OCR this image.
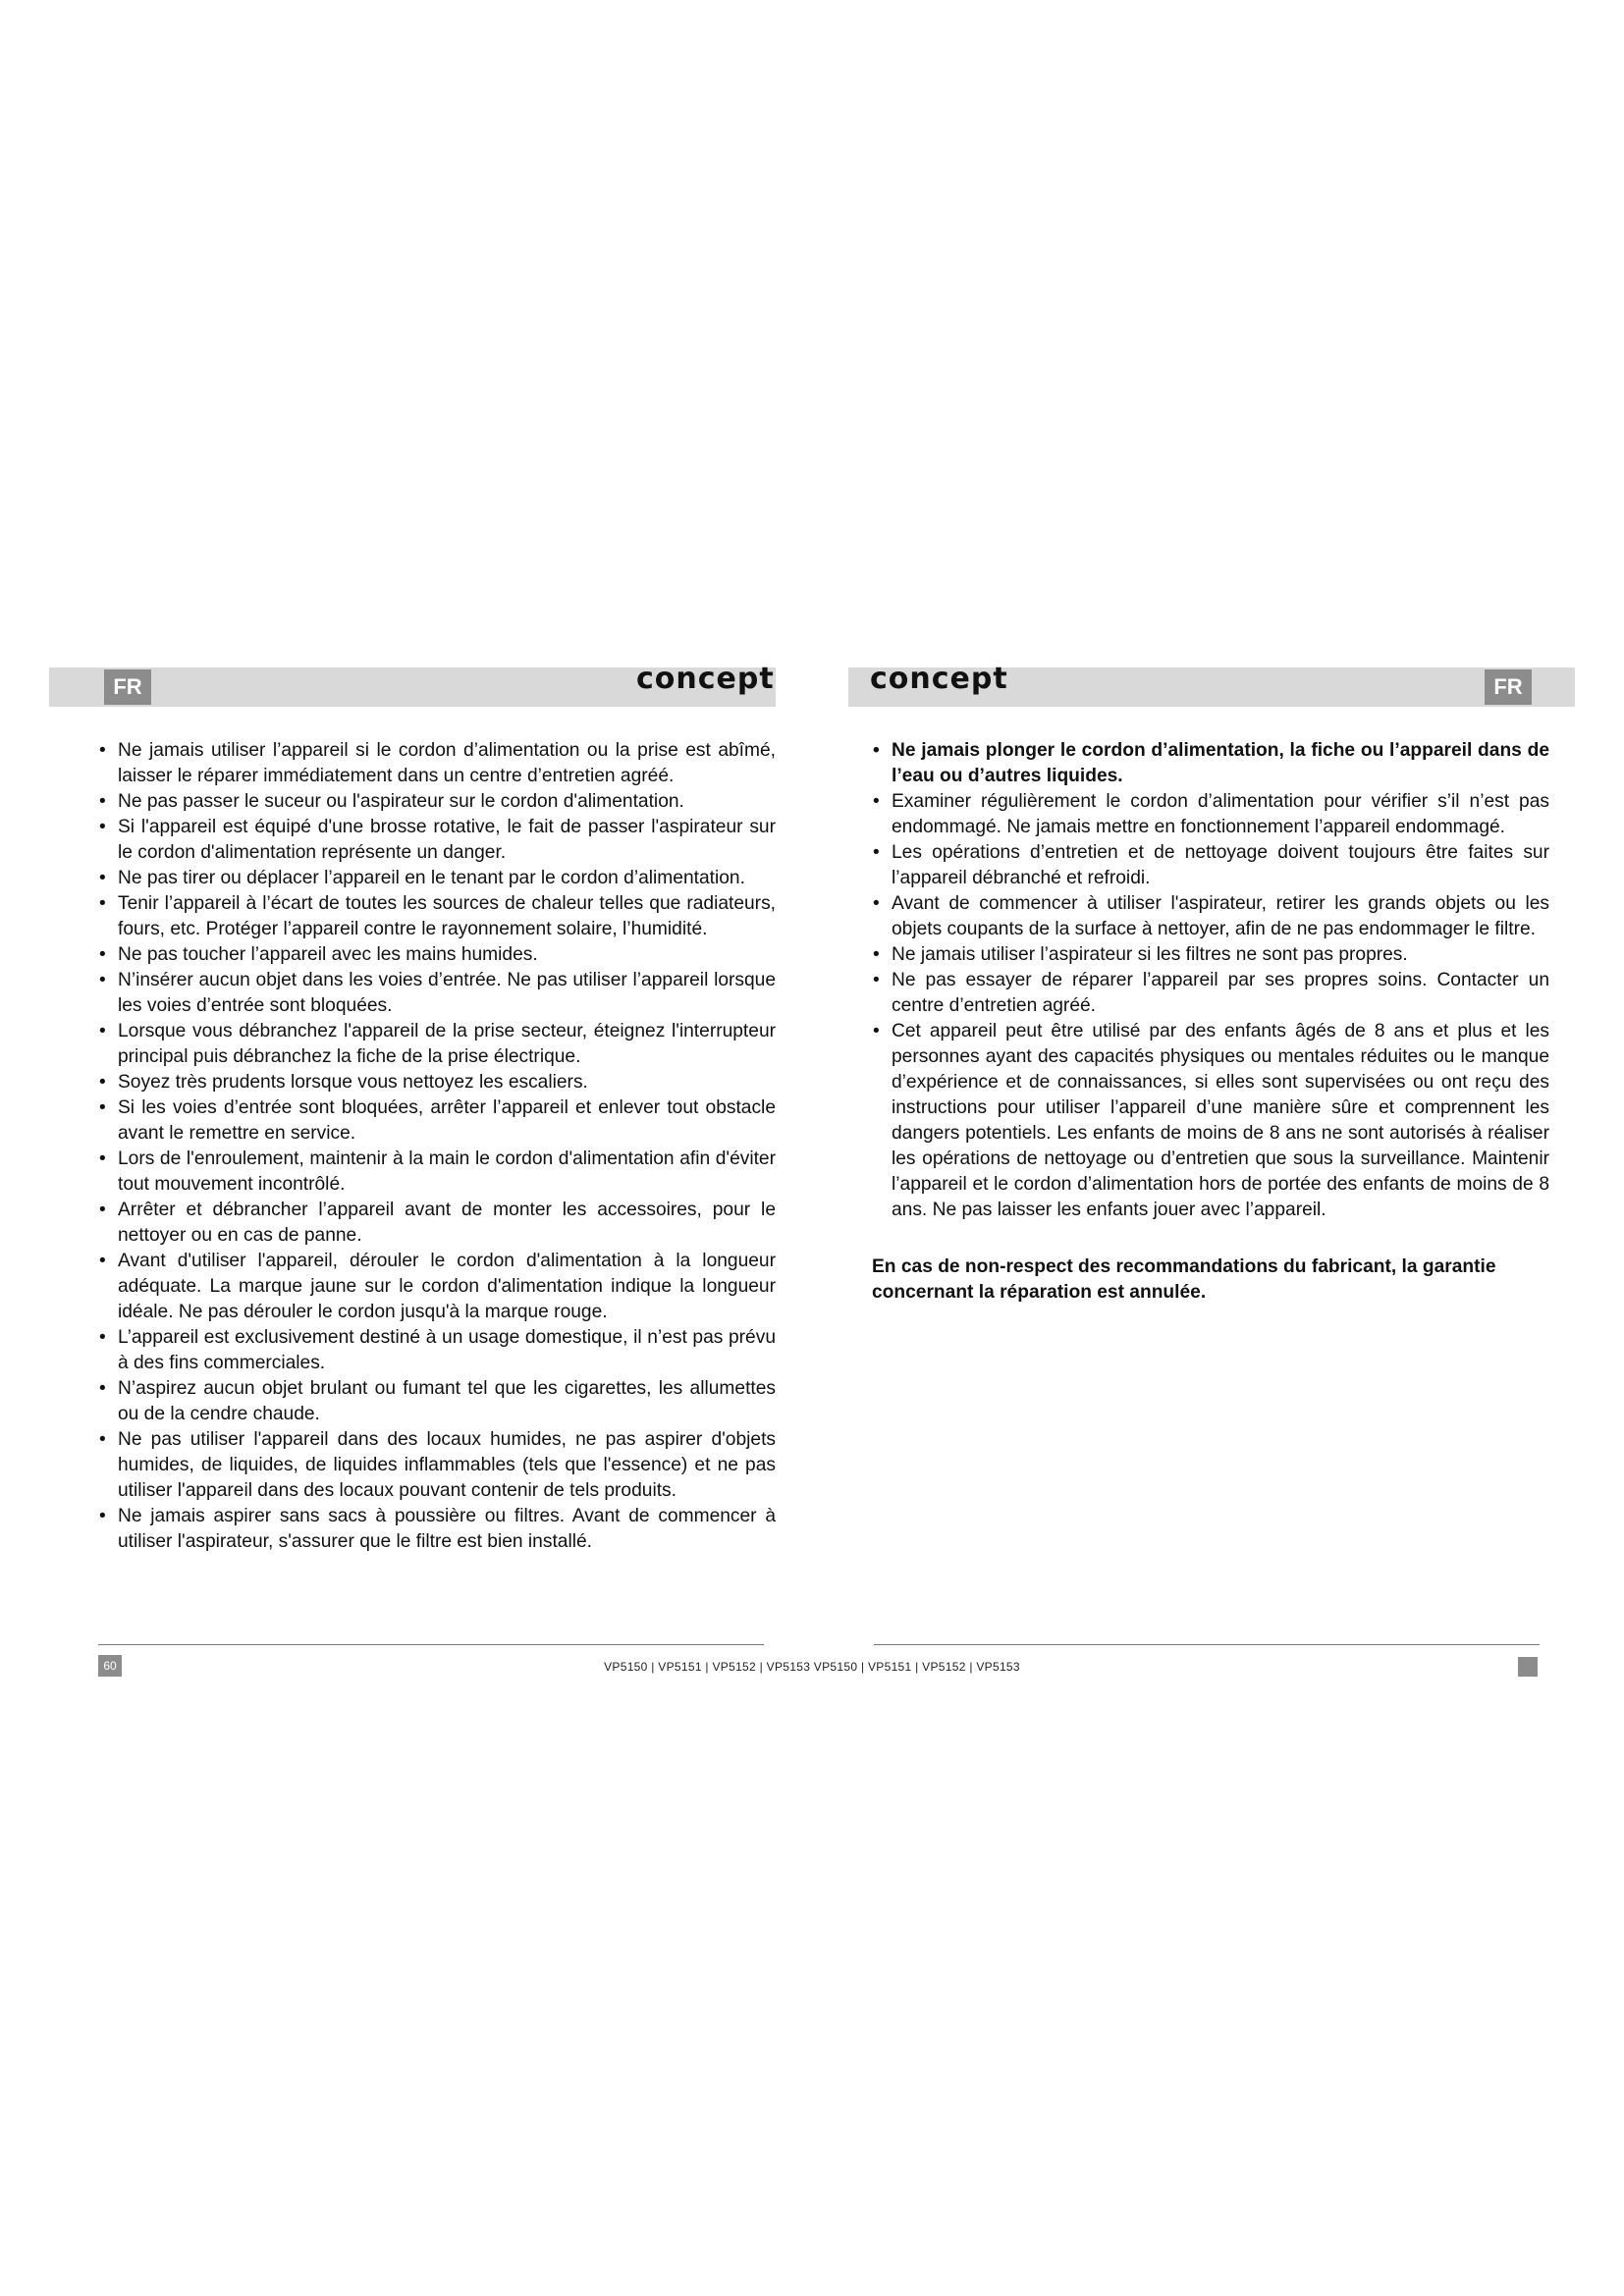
FR	FR
concept	concept
• Ne jamais utiliser l’appareil si le cordon d’alimentation ou la prise est abîmé, laisser le réparer immédiatement dans un centre d’entretien agréé.
• Ne pas passer le suceur ou l'aspirateur sur le cordon d'alimentation.
• Si l'appareil est équipé d'une brosse rotative, le fait de passer l'aspirateur sur le cordon d'alimentation représente un danger.
• Ne pas tirer ou déplacer l’appareil en le tenant par le cordon d’alimentation.
• Tenir l’appareil à l’écart de toutes les sources de chaleur telles que radiateurs, fours, etc. Protéger l’appareil contre le rayonnement solaire, l’humidité.
• Ne pas toucher l’appareil avec les mains humides.
• N’insérer aucun objet dans les voies d’entrée. Ne pas utiliser l’appareil lorsque les voies d’entrée sont bloquées.
• Lorsque vous débranchez l'appareil de la prise secteur, éteignez l'interrupteur principal puis débranchez la fiche de la prise électrique.
• Soyez très prudents lorsque vous nettoyez les escaliers.
• Si les voies d’entrée sont bloquées, arrêter l’appareil et enlever tout obstacle avant le remettre en service.
• Lors de l'enroulement, maintenir à la main le cordon d'alimentation afin d'éviter tout mouvement incontrôlé.
• Arrêter et débrancher l’appareil avant de monter les accessoires, pour le nettoyer ou en cas de panne.
• Avant d'utiliser l'appareil, dérouler le cordon d'alimentation à la longueur adéquate. La marque jaune sur le cordon d'alimentation indique la longueur idéale. Ne pas dérouler le cordon jusqu'à la marque rouge.
• L’appareil est exclusivement destiné à un usage domestique, il n’est pas prévu à des fins commerciales.
• N’aspirez aucun objet brulant ou fumant tel que les cigarettes, les allumettes ou de la cendre chaude.
• Ne pas utiliser l'appareil dans des locaux humides, ne pas aspirer d'objets humides, de liquides, de liquides inflammables (tels que l'essence) et ne pas utiliser l'appareil dans des locaux pouvant contenir de tels produits.
• Ne jamais aspirer sans sacs à poussière ou filtres. Avant de commencer à utiliser l'aspirateur, s'assurer que le filtre est bien installé.
• Ne jamais plonger le cordon d’alimentation, la fiche ou l’appareil dans de l’eau ou d’autres liquides.
• Examiner régulièrement le cordon d’alimentation pour vérifier s’il n’est pas endommagé. Ne jamais mettre en fonctionnement l’appareil endommagé.
• Les opérations d’entretien et de nettoyage doivent toujours être faites sur l’appareil débranché et refroidi.
• Avant de commencer à utiliser l'aspirateur, retirer les grands objets ou les objets coupants de la surface à nettoyer, afin de ne pas endommager le filtre.
• Ne jamais utiliser l’aspirateur si les filtres ne sont pas propres.
• Ne pas essayer de réparer l’appareil par ses propres soins. Contacter un centre d’entretien agréé.
• Cet appareil peut être utilisé par des enfants âgés de 8 ans et plus et les personnes ayant des capacités physiques ou mentales réduites ou le manque d’expérience et de connaissances, si elles sont supervisées ou ont reçu des instructions pour utiliser l’appareil d’une manière sûre et comprennent les dangers potentiels. Les enfants de moins de 8 ans ne sont autorisés à réaliser les opérations de nettoyage ou d’entretien que sous la surveillance. Maintenir l’appareil et le cordon d’alimentation hors de portée des enfants de moins de 8 ans. Ne pas laisser les enfants jouer avec l’appareil.

En cas de non-respect des recommandations du fabricant, la garantie concernant la réparation est annulée.

60	VP5150 | VP5151 | VP5152 | VP5153 VP5150 | VP5151 | VP5152 | VP5153
